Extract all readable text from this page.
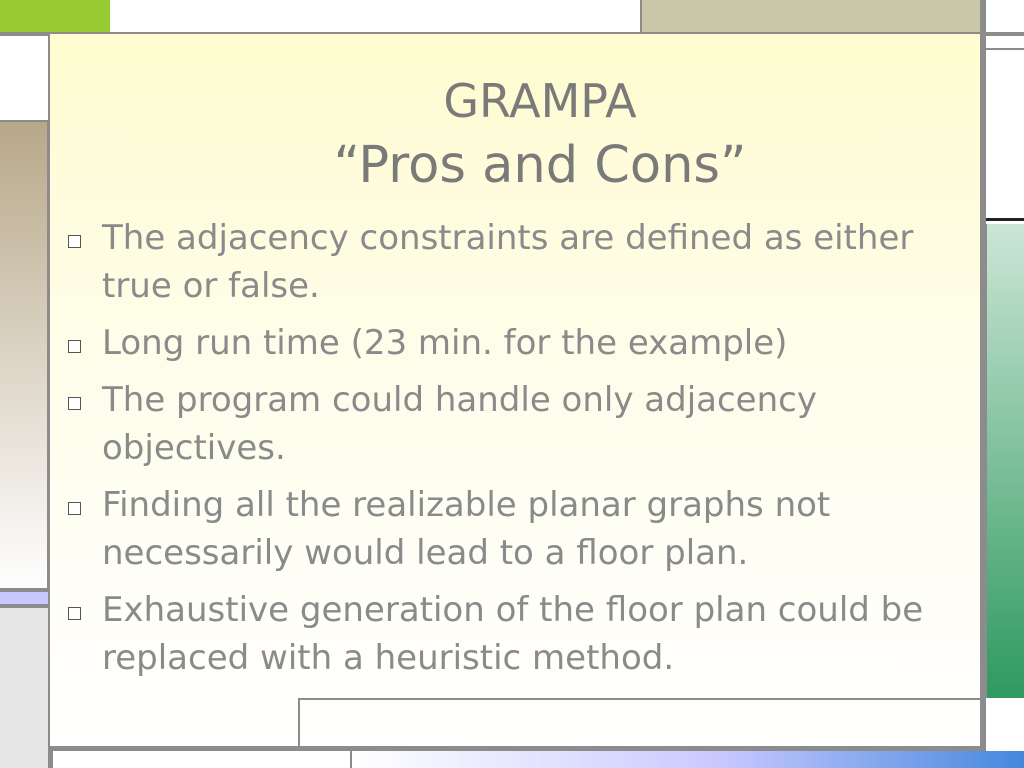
GRAMPA
“Pros and Cons”
The adjacency constraints are defined as either true or false.
Long run time (23 min. for the example)
The program could handle only adjacency objectives.
Finding all the realizable planar graphs not necessarily would lead to a floor plan.
Exhaustive generation of the floor plan could be replaced with a heuristic method.
